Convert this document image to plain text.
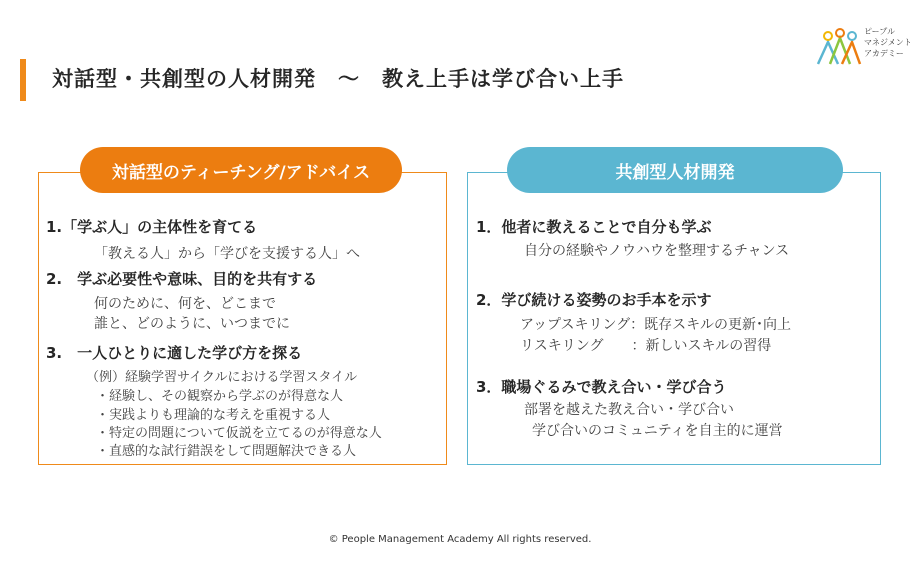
対話型・共創型の人材開発　～　教え上手は学び合い上手
ピープル
マネジメント
アカデミー
対話型のティーチング/アドバイス
1.「学ぶ人」の主体性を育てる
「教える人」から「学びを支援する人」へ
2.　学ぶ必要性や意味、目的を共有する
何のために、何を、どこまで
誰と、どのように、いつまでに
3.　一人ひとりに適した学び方を探る
（例）経験学習サイクルにおける学習スタイル
・経験し、その観察から学ぶのが得意な人
・実践よりも理論的な考えを重視する人
・特定の問題について仮説を立てるのが得意な人
・直感的な試行錯誤をして問題解決できる人
共創型人材開発
1．他者に教えることで自分も学ぶ
自分の経験やノウハウを整理するチャンス
2．学び続ける姿勢のお手本を示す
アップスキリング：既存スキルの更新･向上
リスキリング　　：新しいスキルの習得
3．職場ぐるみで教え合い・学び合う
部署を越えた教え合い・学び合い
学び合いのコミュニティを自主的に運営
© People Management Academy All rights reserved.
